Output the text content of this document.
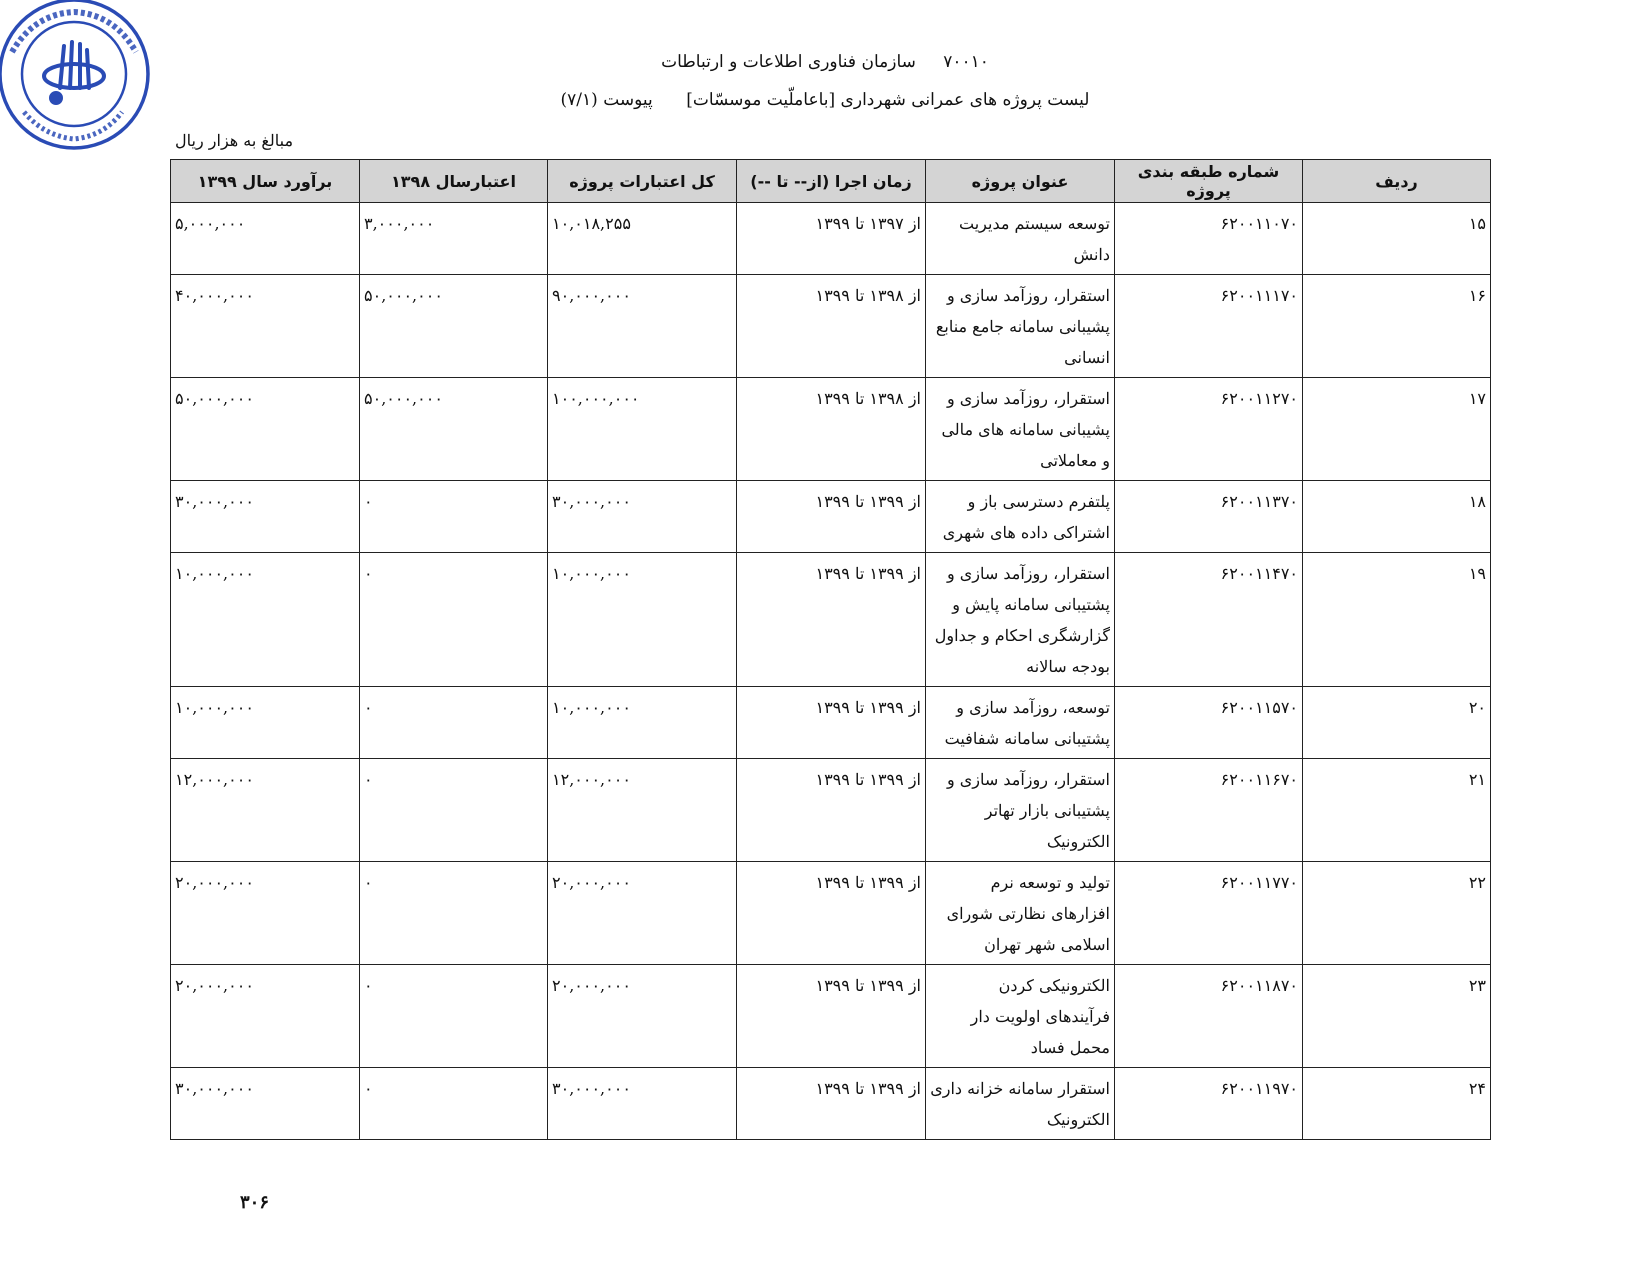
۷۰۰۱۰ سازمان فناوری اطلاعات و ارتباطات
لیست پروژه های عمرانی شهرداری [باعاملّیت موسسّات] پیوست (۷/۱)
مبالغ به هزار ریال
ردیف	شماره طبقه بندی پروژه	عنوان پروژه	زمان اجرا (از-- تا --)	کل اعتبارات پروژه	اعتبارسال ۱۳۹۸	برآورد سال ۱۳۹۹
۱۵	۶۲۰۰۱۱۰۷۰	توسعه سیستم مدیریت دانش	از ۱۳۹۷ تا ۱۳۹۹	۱۰,۰۱۸,۲۵۵	۳,۰۰۰,۰۰۰	۵,۰۰۰,۰۰۰
۱۶	۶۲۰۰۱۱۱۷۰	استقرار، روزآمد سازی و پشیبانی سامانه جامع منابع انسانی	از ۱۳۹۸ تا ۱۳۹۹	۹۰,۰۰۰,۰۰۰	۵۰,۰۰۰,۰۰۰	۴۰,۰۰۰,۰۰۰
۱۷	۶۲۰۰۱۱۲۷۰	استقرار، روزآمد سازی و پشیبانی سامانه های مالی و معاملاتی	از ۱۳۹۸ تا ۱۳۹۹	۱۰۰,۰۰۰,۰۰۰	۵۰,۰۰۰,۰۰۰	۵۰,۰۰۰,۰۰۰
۱۸	۶۲۰۰۱۱۳۷۰	پلتفرم دسترسی باز و اشتراکی داده های شهری	از ۱۳۹۹ تا ۱۳۹۹	۳۰,۰۰۰,۰۰۰	۰	۳۰,۰۰۰,۰۰۰
۱۹	۶۲۰۰۱۱۴۷۰	استقرار، روزآمد سازی و پشتیبانی سامانه پایش و گزارشگری احکام و جداول بودجه سالانه	از ۱۳۹۹ تا ۱۳۹۹	۱۰,۰۰۰,۰۰۰	۰	۱۰,۰۰۰,۰۰۰
۲۰	۶۲۰۰۱۱۵۷۰	توسعه، روزآمد سازی و پشتیبانی سامانه شفافیت	از ۱۳۹۹ تا ۱۳۹۹	۱۰,۰۰۰,۰۰۰	۰	۱۰,۰۰۰,۰۰۰
۲۱	۶۲۰۰۱۱۶۷۰	استقرار، روزآمد سازی و پشتیبانی بازار تهاتر الکترونیک	از ۱۳۹۹ تا ۱۳۹۹	۱۲,۰۰۰,۰۰۰	۰	۱۲,۰۰۰,۰۰۰
۲۲	۶۲۰۰۱۱۷۷۰	تولید و توسعه نرم افزارهای نظارتی شورای اسلامی شهر تهران	از ۱۳۹۹ تا ۱۳۹۹	۲۰,۰۰۰,۰۰۰	۰	۲۰,۰۰۰,۰۰۰
۲۳	۶۲۰۰۱۱۸۷۰	الکترونیکی کردن فرآیندهای اولویت دار محمل فساد	از ۱۳۹۹ تا ۱۳۹۹	۲۰,۰۰۰,۰۰۰	۰	۲۰,۰۰۰,۰۰۰
۲۴	۶۲۰۰۱۱۹۷۰	استقرار سامانه خزانه داری الکترونیک	از ۱۳۹۹ تا ۱۳۹۹	۳۰,۰۰۰,۰۰۰	۰	۳۰,۰۰۰,۰۰۰
۳۰۶
